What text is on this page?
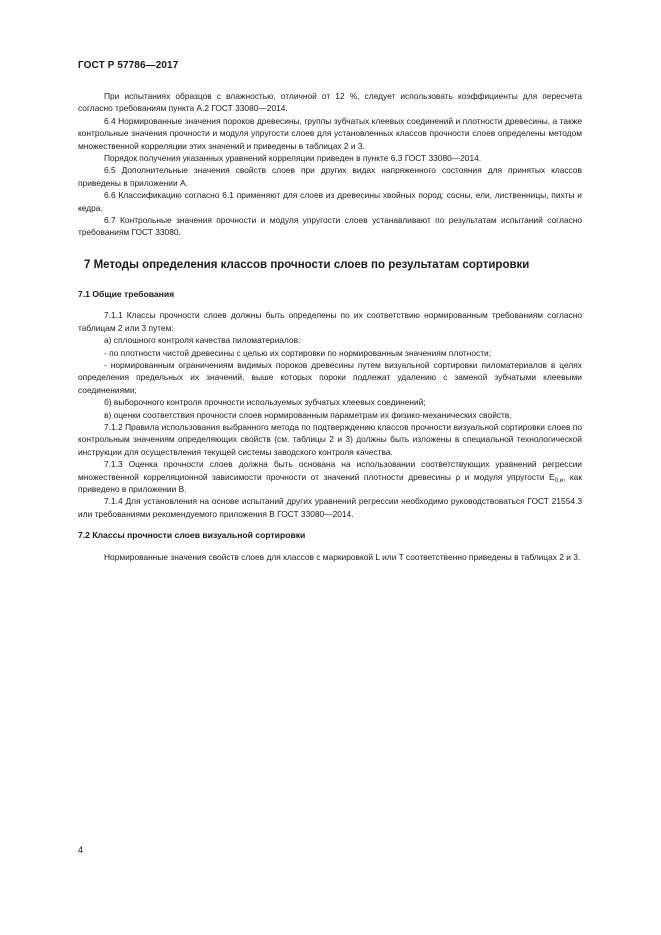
ГОСТ Р 57786—2017

При испытаниях образцов с влажностью, отличной от 12 %, следует использовать коэффициенты для пересчета согласно требованиям пункта А.2 ГОСТ 33080—2014.

6.4 Нормированные значения пороков древесины, группы зубчатых клеевых соединений и плотности древесины, а также контрольные значения прочности и модуля упругости слоев для установленных классов прочности слоев определены методом множественной корреляции этих значений и приведены в таблицах 2 и 3.

Порядок получения указанных уравнений корреляции приведен в пункте 6.3 ГОСТ 33080—2014.

6.5 Дополнительные значения свойств слоев при других видах напряженного состояния для принятых классов приведены в приложении А.

6.6 Классификацию согласно 6.1 применяют для слоев из древесины хвойных пород: сосны, ели, лиственницы, пихты и кедра.

6.7 Контрольные значения прочности и модуля упругости слоев устанавливают по результатам испытаний согласно требованиям ГОСТ 33080.

7 Методы определения классов прочности слоев по результатам сортировки
7.1 Общие требования

7.1.1 Классы прочности слоев должны быть определены по их соответствию нормированным требованиям согласно таблицам 2 или 3 путем:

а) сплошного контроля качества пиломатериалов:

- по плотности чистой древесины с целью их сортировки по нормированным значениям плотности;

- нормированным ограничениям видимых пороков древесины путем визуальной сортировки пиломатериалов в целях определения предельных их значений, выше которых пороки подлежат удалению с заменой зубчатыми клеевыми соединениями;

б) выборочного контроля прочности используемых зубчатых клеевых соединений;

в) оценки соответствия прочности слоев нормированным параметрам их физико-механических свойств.

7.1.2 Правила использования выбранного метода по подтверждению классов прочности визуальной сортировки слоев по контрольным значениям определяющих свойств (см. таблицы 2 и 3) должны быть изложены в специальной технологической инструкции для осуществления текущей системы заводского контроля качества.

7.1.3 Оценка прочности слоев должна быть основана на использовании соответствующих уравнений регрессии множественной корреляционной зависимости прочности от значений плотности древесины ρ и модуля упругости $E_{0,и}$, как приведено в приложении В.

7.1.4 Для установления на основе испытаний других уравнений регрессии необходимо руководствоваться ГОСТ 21554.3 или требованиями рекомендуемого приложения В ГОСТ 33080—2014.

7.2 Классы прочности слоев визуальной сортировки

Нормированные значения свойств слоев для классов с маркировкой L или T соответственно приведены в таблицах 2 и 3.

4
